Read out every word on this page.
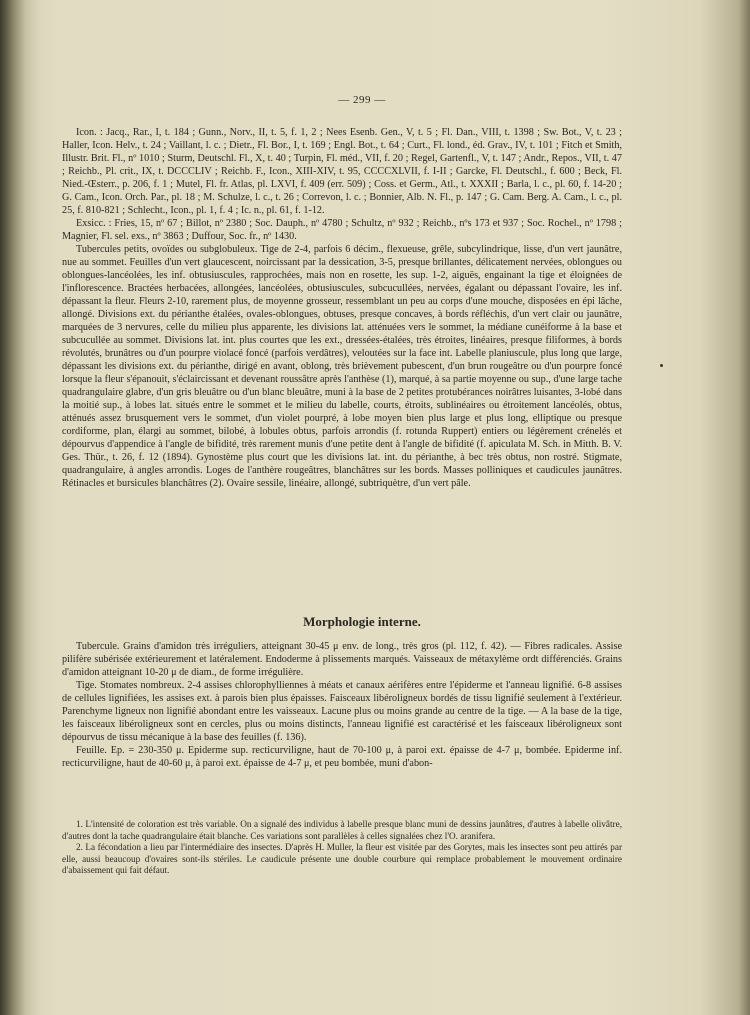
— 299 —

Icon. : Jacq., Rar., I, t. 184 ; Gunn., Norv., II, t. 5, f. 1, 2 ; Nees Esenb. Gen., V, t. 5 ; Fl. Dan., VIII, t. 1398 ; Sw. Bot., V, t. 23 ; Haller, Icon. Helv., t. 24 ; Vaillant, l. c. ; Dietr., Fl. Bor., I, t. 169 ; Engl. Bot., t. 64 ; Curt., Fl. lond., éd. Grav., IV, t. 101 ; Fitch et Smith, Illustr. Brit. Fl., nº 1010 ; Sturm, Deutschl. Fl., X, t. 40 ; Turpin, Fl. méd., VII, f. 20 ; Regel, Gartenfl., V, t. 147 ; Andr., Repos., VII, t. 47 ; Reichb., Pl. crit., IX, t. DCCCLIV ; Reichb. F., Icon., XIII-XIV, t. 95, CCCCXLVII, f. I-II ; Garcke, Fl. Deutschl., f. 600 ; Beck, Fl. Nied.-Œsterr., p. 206, f. 1 ; Mutel, Fl. fr. Atlas, pl. LXVI, f. 409 (err. 509) ; Coss. et Germ., Atl., t. XXXII ; Barla, l. c., pl. 60, f. 14-20 ; G. Cam., Icon. Orch. Par., pl. 18 ; M. Schulze, l. c., t. 26 ; Correvon, l. c. ; Bonnier, Alb. N. Fl., p. 147 ; G. Cam. Berg. A. Cam., l. c., pl. 25, f. 810-821 ; Schlecht., Icon., pl. 1, f. 4 ; Ic. n., pl. 61, f. 1-12.

Exsicc. : Fries, 15, nº 67 ; Billot, nº 2380 ; Soc. Dauph., nº 4780 ; Schultz, nº 932 ; Reichb., nºs 173 et 937 ; Soc. Rochel., nº 1798 ; Magnier, Fl. sel. exs., nº 3863 ; Duffour, Soc. fr., nº 1430.

Tubercules petits, ovoïdes ou subglobuleux. Tige de 2-4, parfois 6 décim., flexueuse, grêle, subcylindrique, lisse, d'un vert jaunâtre, nue au sommet. Feuilles d'un vert glaucescent, noircissant par la dessication, 3-5, presque brillantes, délicatement nervées, oblongues ou oblongues-lancéolées, les inf. obtusiuscules, rapprochées, mais non en rosette, les sup. 1-2, aiguës, engainant la tige et éloignées de l'inflorescence. Bractées herbacées, allongées, lancéolées, obtusiuscules, subcucullées, nervées, égalant ou dépassant l'ovaire, les inf. dépassant la fleur. Fleurs 2-10, rarement plus, de moyenne grosseur, ressemblant un peu au corps d'une mouche, disposées en épi lâche, allongé. Divisions ext. du périanthe étalées, ovales-oblongues, obtuses, presque concaves, à bords réfléchis, d'un vert clair ou jaunâtre, marquées de 3 nervures, celle du milieu plus apparente, les divisions lat. atténuées vers le sommet, la médiane cunéiforme à la base et subcucullée au sommet. Divisions lat. int. plus courtes que les ext., dressées-étalées, très étroites, linéaires, presque filiformes, à bords révolutés, brunâtres ou d'un pourpre violacé foncé (parfois verdâtres), veloutées sur la face int. Labelle planiuscule, plus long que large, dépassant les divisions ext. du périanthe, dirigé en avant, oblong, très brièvement pubescent, d'un brun rougeâtre ou d'un pourpre foncé lorsque la fleur s'épanouit, s'éclaircissant et devenant roussâtre après l'anthèse (1), marqué, à sa partie moyenne ou sup., d'une large tache quadrangulaire glabre, d'un gris bleuâtre ou d'un blanc bleuâtre, muni à la base de 2 petites protubérances noirâtres luisantes, 3-lobé dans la moitié sup., à lobes lat. situés entre le sommet et le milieu du labelle, courts, étroits, sublinéaires ou étroitement lancéolés, obtus, atténués assez brusquement vers le sommet, d'un violet pourpré, à lobe moyen bien plus large et plus long, elliptique ou presque cordiforme, plan, élargi au sommet, bilobé, à lobules obtus, parfois arrondis (f. rotunda Ruppert) entiers ou légèrement crénelés et dépourvus d'appendice à l'angle de bifidité, très rarement munis d'une petite dent à l'angle de bifidité (f. apiculata M. Sch. in Mitth. B. V. Ges. Thür., t. 26, f. 12 (1894). Gynostème plus court que les divisions lat. int. du périanthe, à bec très obtus, non rostré. Stigmate, quadrangulaire, à angles arrondis. Loges de l'anthère rougeâtres, blanchâtres sur les bords. Masses polliniques et caudicules jaunâtres. Rétinacles et bursicules blanchâtres (2). Ovaire sessile, linéaire, allongé, subtriquètre, d'un vert pâle.

Morphologie interne.

Tubercule. Grains d'amidon très irréguliers, atteignant 30-45 μ env. de long., très gros (pl. 112, f. 42). — Fibres radicales. Assise pilifère subérisée extérieurement et latéralement. Endoderme à plissements marqués. Vaisseaux de métaxylème ordt différenciés. Grains d'amidon atteignant 10-20 μ de diam., de forme irrégulière.

Tige. Stomates nombreux. 2-4 assises chlorophylliennes à méats et canaux aérifères entre l'épiderme et l'anneau lignifié. 6-8 assises de cellules lignifiées, les assises ext. à parois bien plus épaisses. Faisceaux libéroligneux bordés de tissu lignifié seulement à l'extérieur. Parenchyme ligneux non lignifié abondant entre les vaisseaux. Lacune plus ou moins grande au centre de la tige. — A la base de la tige, les faisceaux libéroligneux sont en cercles, plus ou moins distincts, l'anneau lignifié est caractérisé et les faisceaux libéroligneux sont dépourvus de tissu mécanique à la base des feuilles (f. 136).

Feuille. Ep. = 230-350 μ. Epiderme sup. recticurviligne, haut de 70-100 μ, à paroi ext. épaisse de 4-7 μ, bombée. Epiderme inf. recticurviligne, haut de 40-60 μ, à paroi ext. épaisse de 4-7 μ, et peu bombée, muni d'abon-

1. L'intensité de coloration est très variable. On a signalé des individus à labelle presque blanc muni de dessins jaunâtres, d'autres à labelle olivâtre, d'autres dont la tache quadrangulaire était blanche. Ces variations sont parallèles à celles signalées chez l'O. aranifera.

2. La fécondation a lieu par l'intermédiaire des insectes. D'après H. Muller, la fleur est visitée par des Gorytes, mais les insectes sont peu attirés par elle, aussi beaucoup d'ovaires sont-ils stériles. Le caudicule présente une double courbure qui remplace probablement le mouvement ordinaire d'abaissement qui fait défaut.
